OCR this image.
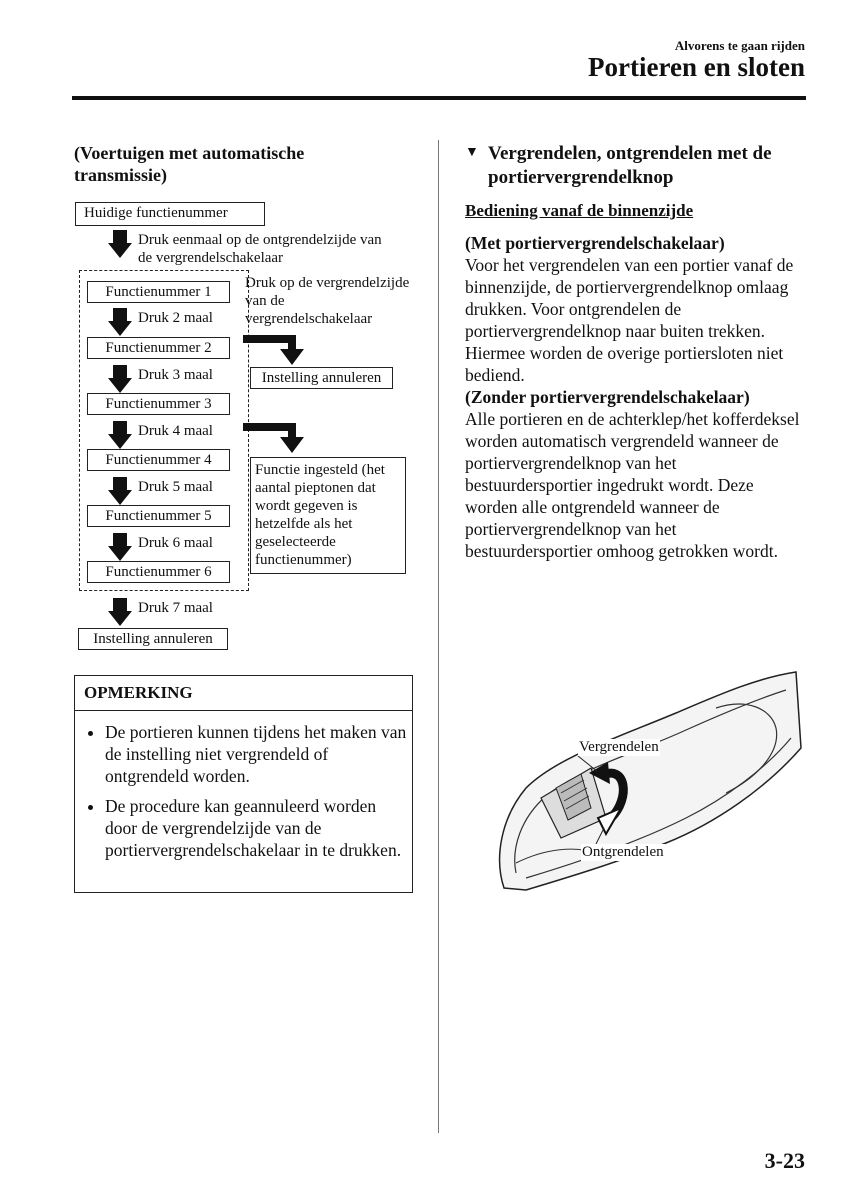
Alvorens te gaan rijden
Portieren en sloten
(Voertuigen met automatische transmissie)
Huidige functienummer
Druk eenmaal op de ontgrendelzijde van de vergrendelschakelaar
Functienummer 1
Druk 2 maal
Functienummer 2
Druk 3 maal
Functienummer 3
Druk 4 maal
Functienummer 4
Druk 5 maal
Functienummer 5
Druk 6 maal
Functienummer 6
Druk 7 maal
Instelling annuleren
Druk op de vergrendelzijde van de vergrendelschakelaar
Instelling annuleren
Functie ingesteld (het aantal pieptonen dat wordt gegeven is hetzelfde als het geselecteerde functienummer)
OPMERKING
• De portieren kunnen tijdens het maken van de instelling niet vergrendeld of ontgrendeld worden.
• De procedure kan geannuleerd worden door de vergrendelzijde van de portiervergrendelschakelaar in te drukken.
▼ Vergrendelen, ontgrendelen met de portiervergrendelknop
Bediening vanaf de binnenzijde

(Met portiervergrendelschakelaar)

Voor het vergrendelen van een portier vanaf de binnenzijde, de portiervergrendelknop omlaag drukken. Voor ontgrendelen de portiervergrendelknop naar buiten trekken. Hiermee worden de overige portiersloten niet bediend.

(Zonder portiervergrendelschakelaar)

Alle portieren en de achterklep/het kofferdeksel worden automatisch vergrendeld wanneer de portiervergrendelknop van het bestuurdersportier ingedrukt wordt. Deze worden alle ontgrendeld wanneer de portiervergrendelknop van het bestuurdersportier omhoog getrokken wordt.

Vergrendelen
Ontgrendelen
3-23
